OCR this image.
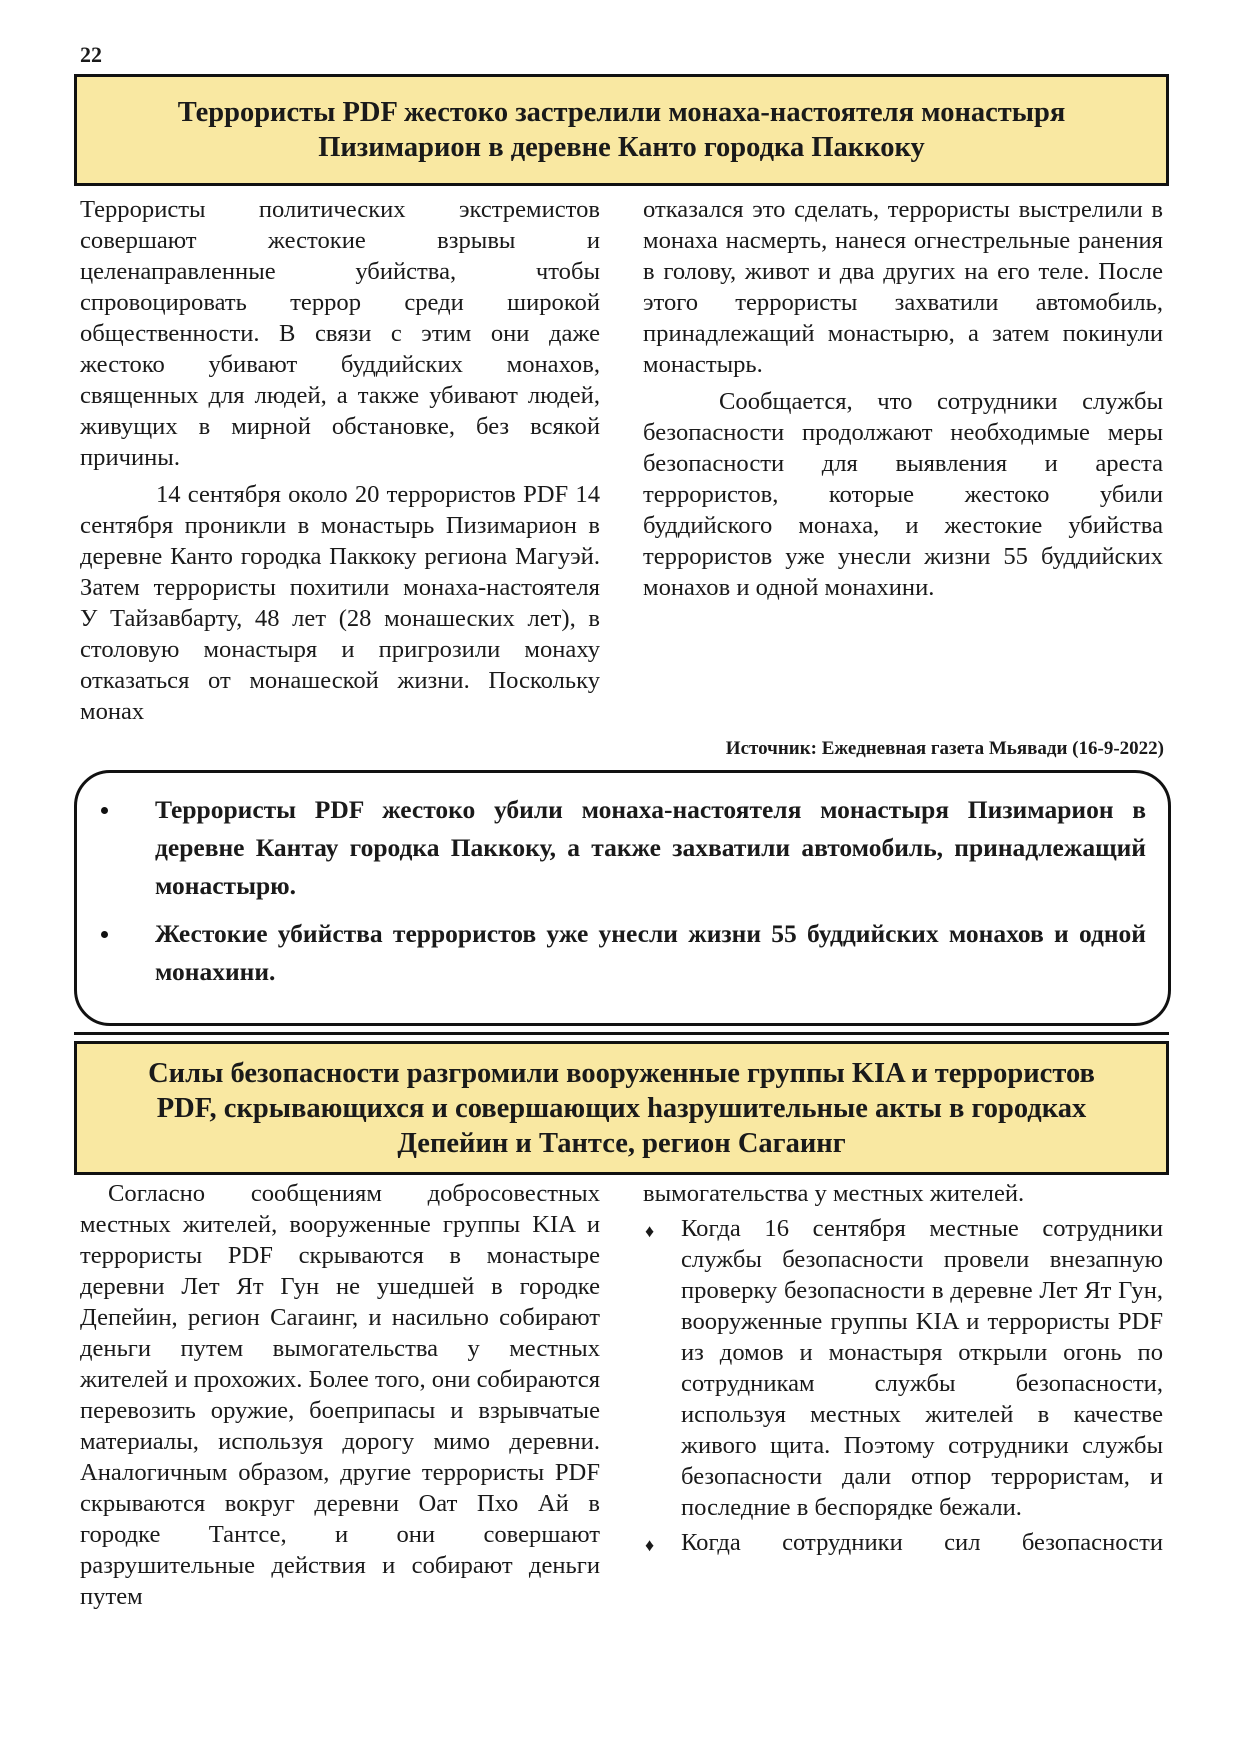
22
Террористы PDF жестоко застрелили монаха-настоятеля монастыря
Пизимарион в деревне Канто городка Паккоку

Террористы политических экстремистов совершают жестокие взрывы и целенаправленные убийства, чтобы спровоцировать террор среди широкой общественности. В связи с этим они даже жестоко убивают буддийских монахов, священных для людей, а также убивают людей, живущих в мирной обстановке, без всякой причины.

14 сентября около 20 террористов PDF 14 сентября проникли в монастырь Пизимарион в деревне Канто городка Паккоку региона Магуэй. Затем террористы похитили монаха-настоятеля У Тайзавбарту, 48 лет (28 монашеских лет), в столовую монастыря и пригрозили монаху отказаться от монашеской жизни. Поскольку монах

отказался это сделать, террористы выстрелили в монаха насмерть, нанеся огнестрельные ранения в голову, живот и два других на его теле. После этого террористы захватили автомобиль, принадлежащий монастырю, а затем покинули монастырь.

Сообщается, что сотрудники службы безопасности продолжают необходимые меры безопасности для выявления и ареста террористов, которые жестоко убили буддийского монаха, и жестокие убийства террористов уже унесли жизни 55 буддийских монахов и одной монахини.

Источник: Ежедневная газета Мьявади (16-9-2022)
Террористы PDF жестоко убили монаха-настоятеля монастыря Пизимарион в деревне Кантау городка Паккоку, а также захватили автомобиль, принадлежащий монастырю.
Жестокие убийства террористов уже унесли жизни 55 буддийских монахов и одной монахини.
Силы безопасности разгромили вооруженные группы KIA и террористов
PDF, скрывающихся и совершающих һазрушительные акты в городках
Депейин и Тантсе, регион Сагаинг

Согласно сообщениям добросовестных местных жителей, вооруженные группы KIA и террористы PDF скрываются в монастыре деревни Лет Ят Гун не ушедшей в городке Депейин, регион Сагаинг, и насильно собирают деньги путем вымогательства у местных жителей и прохожих. Более того, они собираются перевозить оружие, боеприпасы и взрывчатые материалы, используя дорогу мимо деревни. Аналогичным образом, другие террористы PDF скрываются вокруг деревни Оат Пхо Ай в городке Тантсе, и они совершают разрушительные действия и собирают деньги путем

вымогательства у местных жителей.

♦ Когда 16 сентября местные сотрудники службы безопасности провели внезапную проверку безопасности в деревне Лет Ят Гун, вооруженные группы KIA и террористы PDF из домов и монастыря открыли огонь по сотрудникам службы безопасности, используя местных жителей в качестве живого щита. Поэтому сотрудники службы безопасности дали отпор террористам, и последние в беспорядке бежали.
♦ Когда сотрудники сил безопасности
